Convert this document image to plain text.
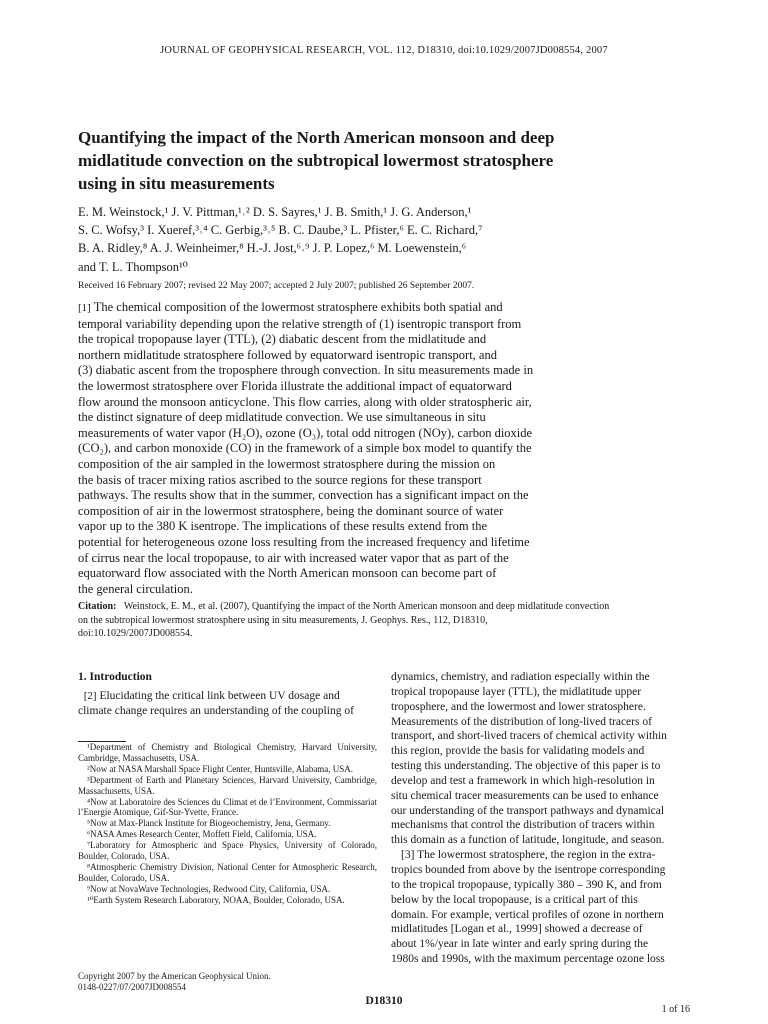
JOURNAL OF GEOPHYSICAL RESEARCH, VOL. 112, D18310, doi:10.1029/2007JD008554, 2007
Quantifying the impact of the North American monsoon and deep
midlatitude convection on the subtropical lowermost stratosphere
using in situ measurements
E. M. Weinstock,¹ J. V. Pittman,¹˒² D. S. Sayres,¹ J. B. Smith,¹ J. G. Anderson,¹
S. C. Wofsy,³ I. Xueref,³˒⁴ C. Gerbig,³˒⁵ B. C. Daube,³ L. Pfister,⁶ E. C. Richard,⁷
B. A. Ridley,⁸ A. J. Weinheimer,⁸ H.-J. Jost,⁶˒⁹ J. P. Lopez,⁶ M. Loewenstein,⁶
and T. L. Thompson¹⁰
Received 16 February 2007; revised 22 May 2007; accepted 2 July 2007; published 26 September 2007.
[1] The chemical composition of the lowermost stratosphere exhibits both spatial and
temporal variability depending upon the relative strength of (1) isentropic transport from
the tropical tropopause layer (TTL), (2) diabatic descent from the midlatitude and
northern midlatitude stratosphere followed by equatorward isentropic transport, and
(3) diabatic ascent from the troposphere through convection. In situ measurements made in
the lowermost stratosphere over Florida illustrate the additional impact of equatorward
flow around the monsoon anticyclone. This flow carries, along with older stratospheric air,
the distinct signature of deep midlatitude convection. We use simultaneous in situ
measurements of water vapor (H₂O), ozone (O₃), total odd nitrogen (NOy), carbon dioxide
(CO₂), and carbon monoxide (CO) in the framework of a simple box model to quantify the
composition of the air sampled in the lowermost stratosphere during the mission on
the basis of tracer mixing ratios ascribed to the source regions for these transport
pathways. The results show that in the summer, convection has a significant impact on the
composition of air in the lowermost stratosphere, being the dominant source of water
vapor up to the 380 K isentrope. The implications of these results extend from the
potential for heterogeneous ozone loss resulting from the increased frequency and lifetime
of cirrus near the local tropopause, to air with increased water vapor that as part of the
equatorward flow associated with the North American monsoon can become part of
the general circulation.
Citation: Weinstock, E. M., et al. (2007), Quantifying the impact of the North American monsoon and deep midlatitude convection
on the subtropical lowermost stratosphere using in situ measurements, J. Geophys. Res., 112, D18310,
doi:10.1029/2007JD008554.
1. Introduction
[2] Elucidating the critical link between UV dosage and
climate change requires an understanding of the coupling of

¹Department of Chemistry and Biological Chemistry, Harvard University, Cambridge, Massachusetts, USA.

²Now at NASA Marshall Space Flight Center, Huntsville, Alabama, USA.

³Department of Earth and Planetary Sciences, Harvard University, Cambridge, Massachusetts, USA.

⁴Now at Laboratoire des Sciences du Climat et de l’Environment, Commissariat l’Energie Atomique, Gif-Sur-Yvette, France.

⁵Now at Max-Planck Institute for Biogeochemistry, Jena, Germany.

⁶NASA Ames Research Center, Moffett Field, California, USA.

⁷Laboratory for Atmospheric and Space Physics, University of Colorado, Boulder, Colorado, USA.

⁸Atmospheric Chemistry Division, National Center for Atmospheric Research, Boulder, Colorado, USA.

⁹Now at NovaWave Technologies, Redwood City, California, USA.

¹⁰Earth System Research Laboratory, NOAA, Boulder, Colorado, USA.

Copyright 2007 by the American Geophysical Union.
0148-0227/07/2007JD008554
dynamics, chemistry, and radiation especially within the
tropical tropopause layer (TTL), the midlatitude upper
troposphere, and the lowermost and lower stratosphere.
Measurements of the distribution of long-lived tracers of
transport, and short-lived tracers of chemical activity within
this region, provide the basis for validating models and
testing this understanding. The objective of this paper is to
develop and test a framework in which high-resolution in
situ chemical tracer measurements can be used to enhance
our understanding of the transport pathways and dynamical
mechanisms that control the distribution of tracers within
this domain as a function of latitude, longitude, and season.
[3] The lowermost stratosphere, the region in the extra-
tropics bounded from above by the isentrope corresponding
to the tropical tropopause, typically 380 – 390 K, and from
below by the local tropopause, is a critical part of this
domain. For example, vertical profiles of ozone in northern
midlatitudes [Logan et al., 1999] showed a decrease of
about 1%/year in late winter and early spring during the
1980s and 1990s, with the maximum percentage ozone loss
D18310
1 of 16
